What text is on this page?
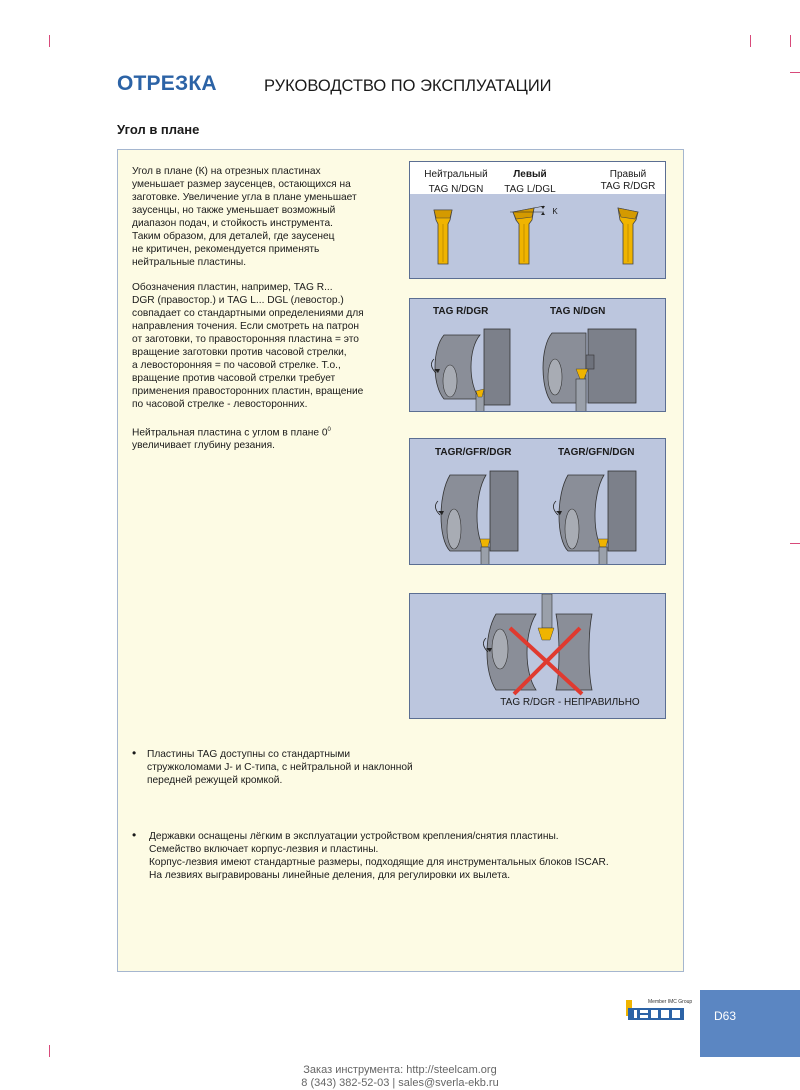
ОТРЕЗКА	РУКОВОДСТВО ПО ЭКСПЛУАТАЦИИ
Угол в плане
Угол в плане (К) на отрезных пластинах
уменьшает размер заусенцев, остающихся на
заготовке. Увеличение угла в плане уменьшает
заусенцы, но также уменьшает возможный
диапазон подач, и стойкость инструмента.
Таким образом, для деталей, где заусенец
не критичен, рекомендуется применять
нейтральные пластины.
Обозначения пластин, например, TAG R...
DGR (правостор.) и TAG L... DGL (левостор.)
совпадает со стандартными определениями для
направления точения. Если смотреть на патрон
от заготовки, то правосторонняя пластина = это
вращение заготовки против часовой стрелки,
а левосторонняя = по часовой стрелке. Т.о.,
вращение против часовой стрелки требует
применения правосторонних пластин, вращение
по часовой стрелке - левосторонних.
Нейтральная пластина с углом в плане $0^0$
увеличивает глубину резания.
Нейтральный
TAG N/DGN
Левый
TAG L/DGL
Правый
TAG R/DGR
K
TAG R/DGR	TAG N/DGN
TAGR/GFR/DGR	TAGR/GFN/DGN
TAG R/DGR - НЕПРАВИЛЬНО
• Пластины TAG доступны со стандартными
стружколомами J- и С-типа, с нейтральной и наклонной
передней режущей кромкой.
• Державки оснащены лёгким в эксплуатации устройством крепления/снятия пластины.
Семейство включает корпус-лезвия и пластины.
Корпус-лезвия имеют стандартные размеры, подходящие для инструментальных блоков ISCAR.
На лезвиях выгравированы линейные деления, для регулировки их вылета.
Member IMC Group
D63
Заказ инструмента: http://steelcam.org
8 (343) 382-52-03 | sales@sverla-ekb.ru
